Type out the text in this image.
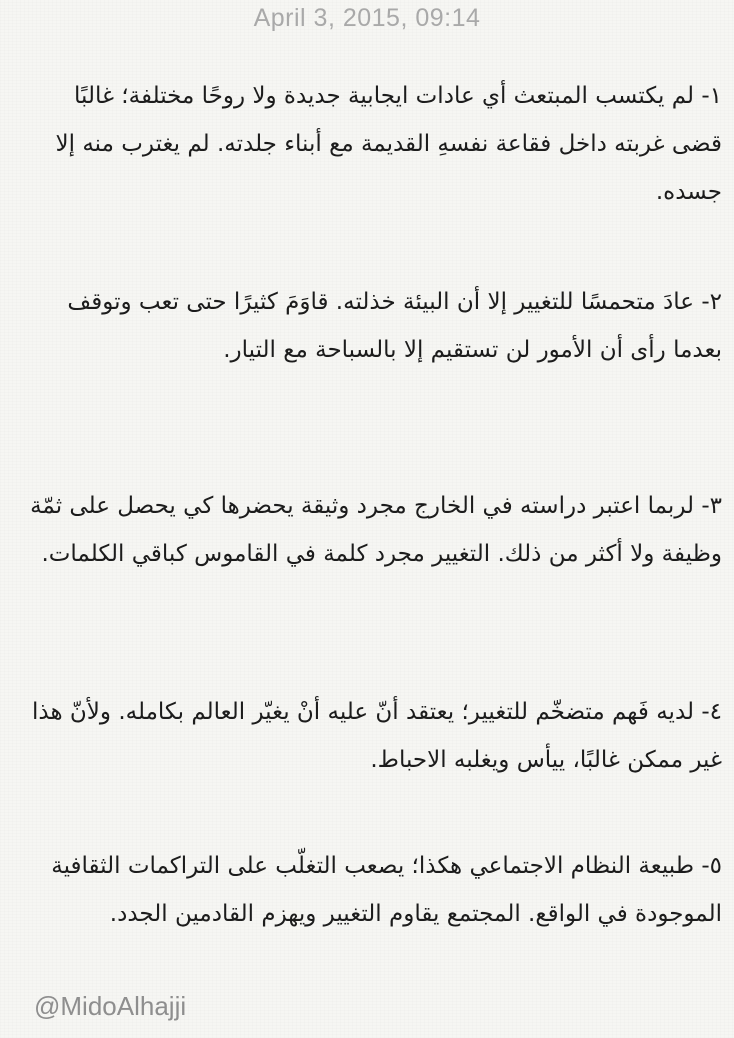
April 3, 2015, 09:14

١- لم يكتسب المبتعث أي عادات ايجابية جديدة ولا روحًا مختلفة؛ غالبًا قضى غربته داخل فقاعة نفسهِ القديمة مع أبناء جلدته. لم يغترب منه إلا جسده.

٢- عادَ متحمسًا للتغيير إلا أن البيئة خذلته. قاوَمَ كثيرًا حتى تعب وتوقف بعدما رأى أن الأمور لن تستقيم إلا بالسباحة مع التيار.

٣- لربما اعتبر دراسته في الخارج مجرد وثيقة يحضرها كي يحصل على ثمّة وظيفة ولا أكثر من ذلك. التغيير مجرد كلمة في القاموس كباقي الكلمات.

٤- لديه فَهم متضخّم للتغيير؛ يعتقد أنّ عليه أنْ يغيّر العالم بكامله. ولأنّ هذا غير ممكن غالبًا، ييأس ويغلبه الاحباط.

٥- طبيعة النظام الاجتماعي هكذا؛ يصعب التغلّب على التراكمات الثقافية الموجودة في الواقع. المجتمع يقاوم التغيير ويهزم القادمين الجدد.

@MidoAlhajji
